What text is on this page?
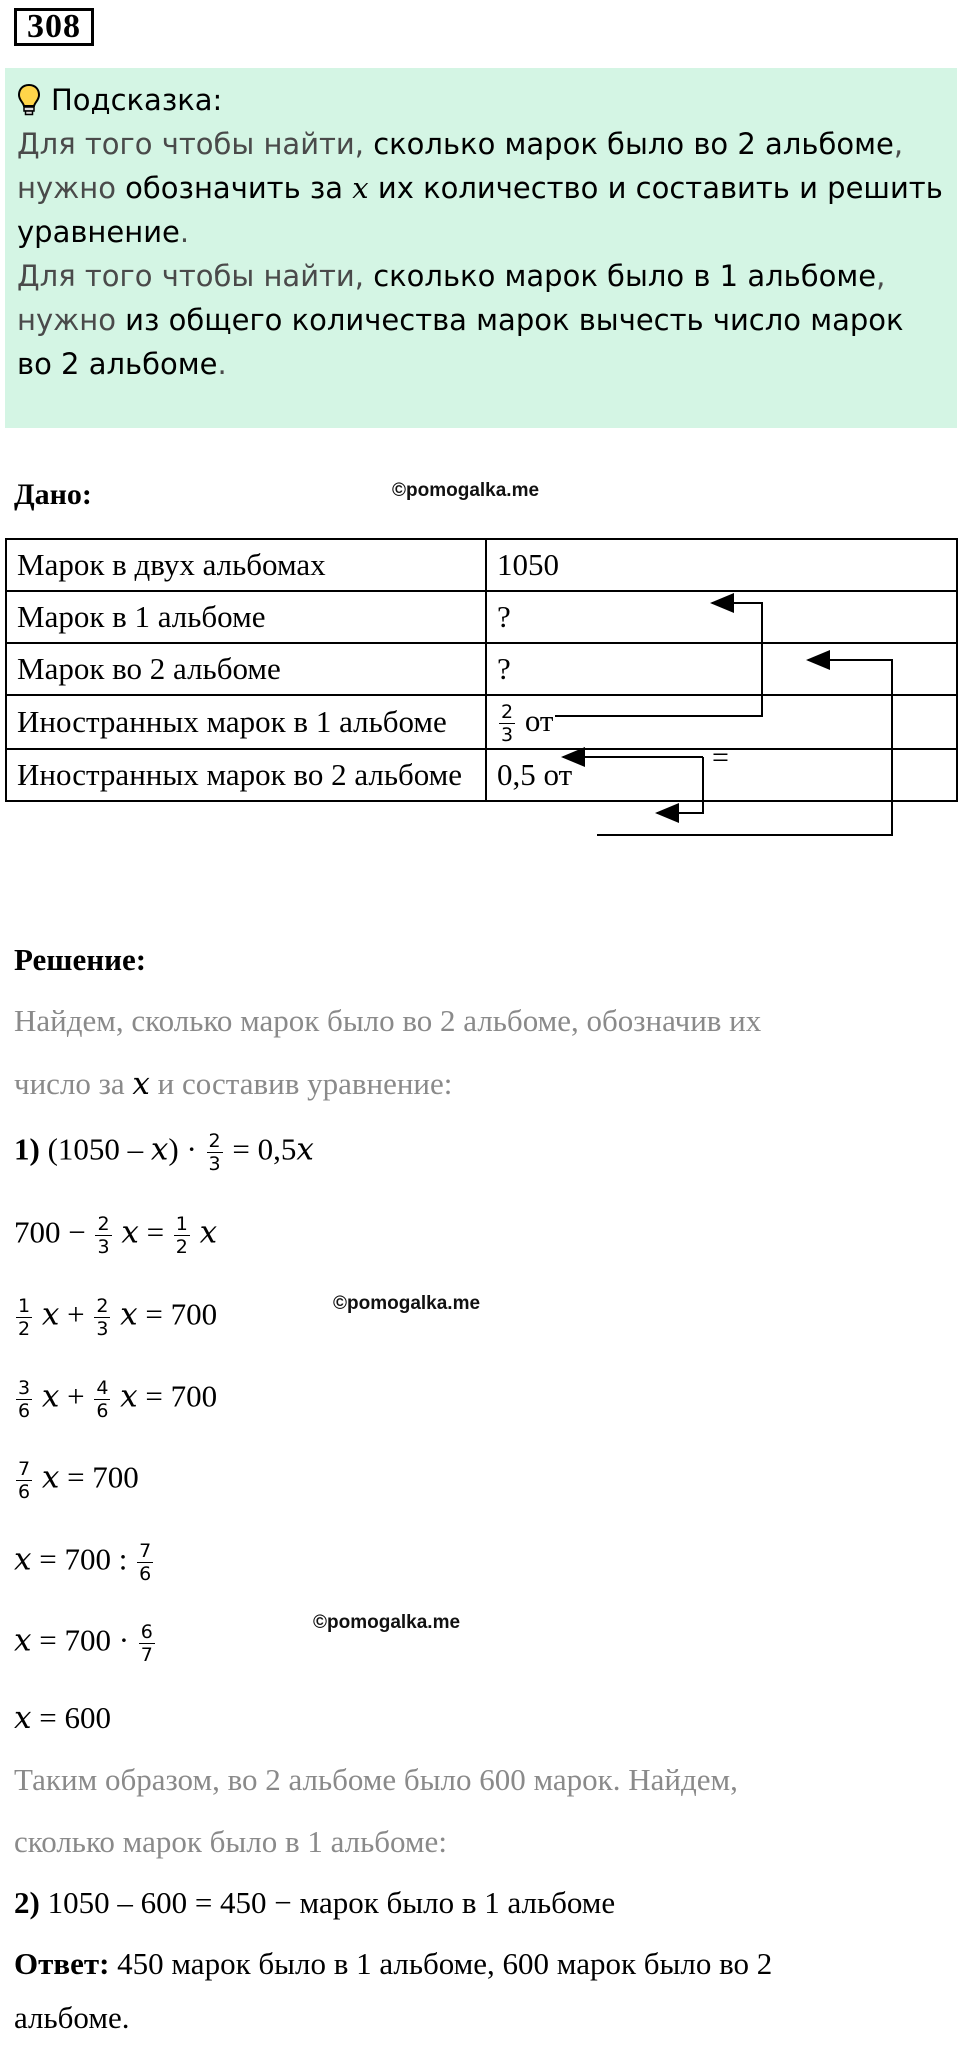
308
Подсказка:

Для того чтобы найти, сколько марок было во 2 альбоме,
нужно обозначить за x их количество и составить и решить уравнение.

Для того чтобы найти, сколько марок было в 1 альбоме,
нужно из общего количества марок вычесть число марок во 2 альбоме.

Дано:	©pomogalka.me
Марок в двух альбомах	1050
Марок в 1 альбоме	?
Марок во 2 альбоме	?
Иностранных марок в 1 альбоме	$\frac{2}{3}$ от
Иностранных марок во 2 альбоме	0,5 от	=
Решение:
Найдем, сколько марок было во 2 альбоме, обозначив их
число за x и составив уравнение:
1) $(1050 - x) \cdot \frac{2}{3} = 0,5x$
$700 - \frac{2}{3}$ $x = \frac{1}{2}$ x
$\frac{1}{2}$ $x + \frac{2}{3}$ x = 700	©pomogalka.me
$\frac{3}{6}$ $x + \frac{4}{6}$ x = 700
$\frac{7}{6}$ x = 700
x = 700 : $\frac{7}{6}$
$x = 700 \cdot \frac{6}{7}$	©pomogalka.me
x = 600
Таким образом, во 2 альбоме было 600 марок. Найдем,
сколько марок было в 1 альбоме:
2) 1050 – 600 = 450 − марок было в 1 альбоме
Ответ: 450 марок было в 1 альбоме, 600 марок было во 2
альбоме.
